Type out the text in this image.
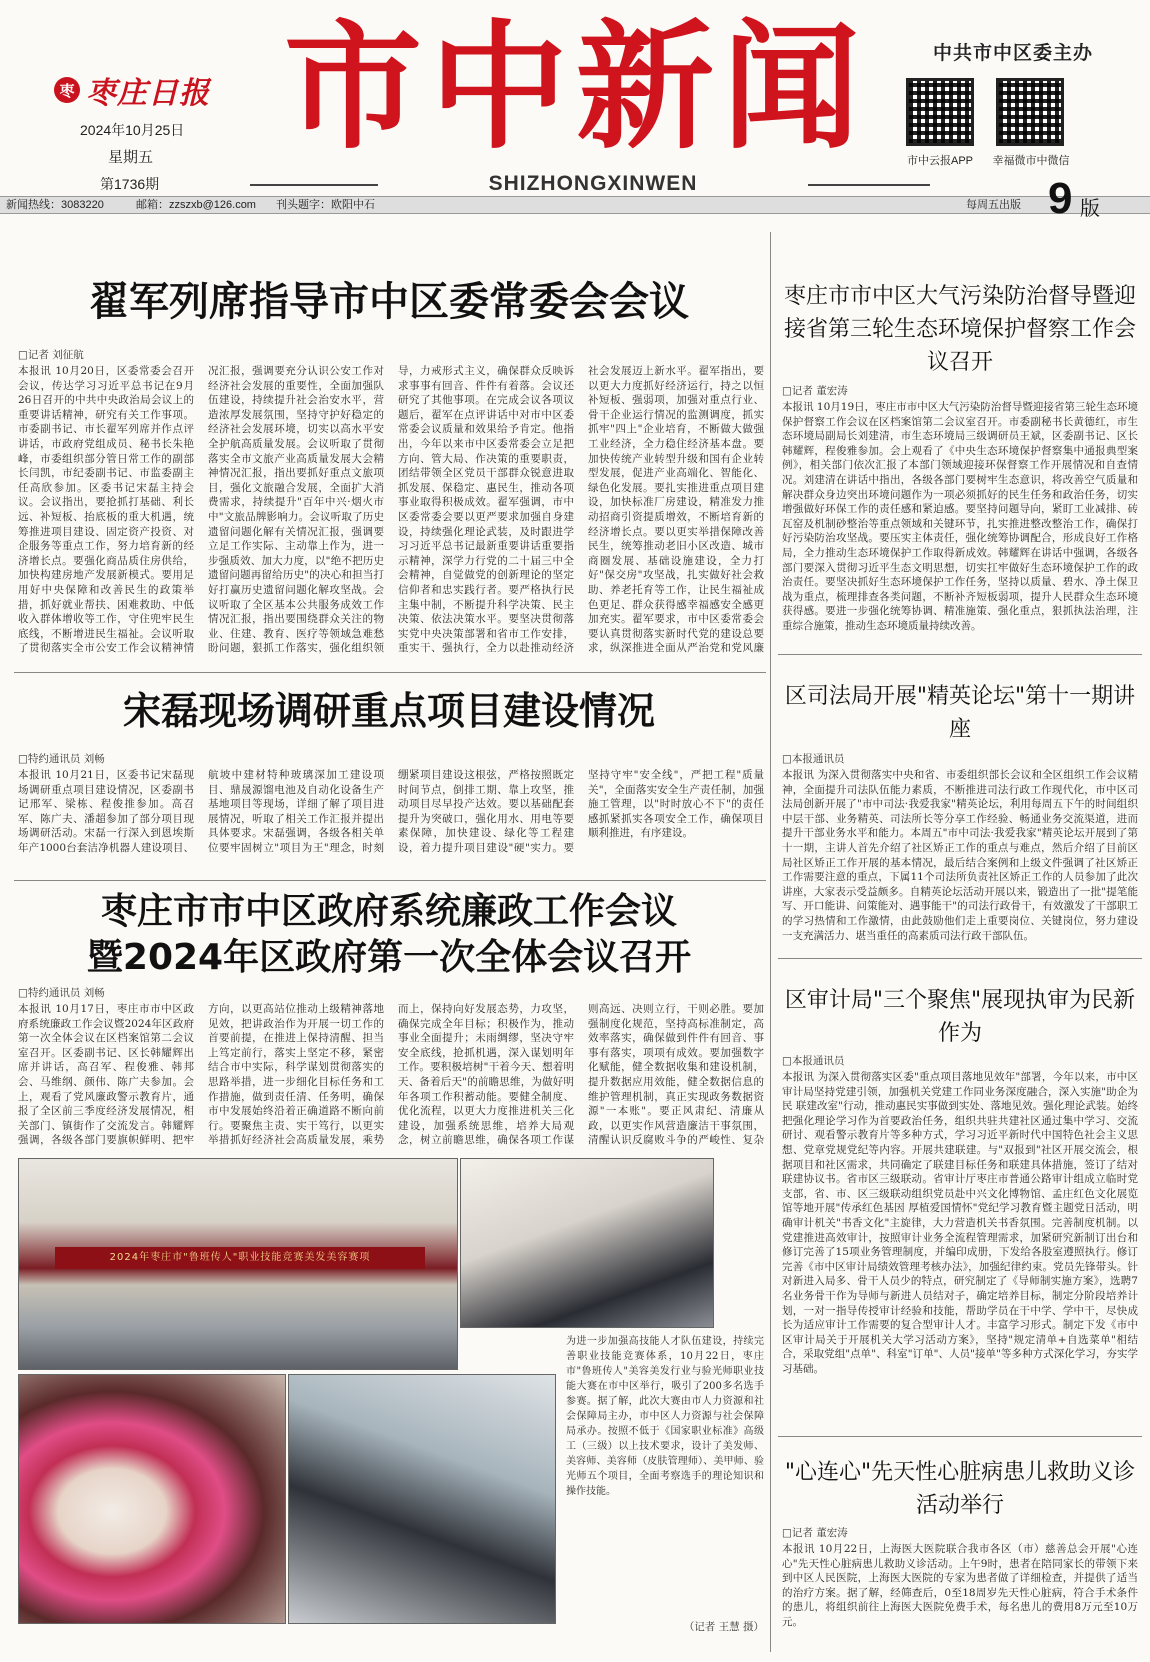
枣 枣庄日报
2024年10月25日
星期五
第1736期
市中新闻
SHIZHONGXINWEN
中共市中区委主办
市中云报APP	幸福微市中微信
新闻热线：3083220	邮箱：zzszxb@126.com 刊头题字：欧阳中石	每周五出版 9 版
翟军列席指导市中区委常委会会议
□记者 刘征航
本报讯 10月20日，区委常委会召开会议，传达学习习近平总书记在9月26日召开的中共中央政治局会议上的重要讲话精神，研究有关工作事项。市委副书记、市长翟军列席并作点评讲话，市政府党组成员、秘书长朱艳峰，市委组织部分管日常工作的副部长闫凯，市纪委副书记、市监委副主任高欣参加。区委书记宋磊主持会议。会议指出，要抢抓打基础、利长远、补短板、抬底板的重大机遇，统筹推进项目建设、固定资产投资、对企服务等重点工作，努力培育新的经济增长点。要强化商品质住房供给，加快构建房地产发展新模式。要用足用好中央保障和改善民生的政策举措，抓好就业帮扶、困难救助、中低收入群体增收等工作，守住兜牢民生底线，不断增进民生福祉。会议听取了贯彻落实全市公安工作会议精神情况汇报，强调要充分认识公安工作对经济社会发展的重要性，全面加强队伍建设，持续提升社会治安水平，营造浓厚发展氛围，坚持守护好稳定的经济社会发展环境，切实以高水平安全护航高质量发展。会议听取了贯彻落实全市文旅产业高质量发展大会精神情况汇报，指出要抓好重点文旅项目，强化文旅融合发展，全面扩大消费需求，持续提升"百年中兴·烟火市中"文旅品牌影响力。会议听取了历史遗留问题化解有关情况汇报，强调要立足工作实际、主动靠上作为，进一步强质效、加大力度，以"绝不把历史遗留问题再留给历史"的决心和担当打好打赢历史遗留问题化解攻坚战。会议听取了全区基本公共服务成效工作情况汇报，指出要围绕群众关注的物业、住建、教育、医疗等领域急难愁盼问题，狠抓工作落实，强化组织领导，力戒形式主义，确保群众反映诉求事事有回音、件件有着落。会议还研究了其他事项。在完成会议各项议题后，翟军在点评讲话中对市中区委常委会议质量和效果给予肯定。他指出，今年以来市中区委常委会立足把方向、管大局、作决策的重要职责，团结带领全区党员干部群众锐意进取抓发展、保稳定、惠民生，推动各项事业取得积极成效。翟军强调，市中区委常委会要以更严要求加强自身建设，持续强化理论武装，及时跟进学习习近平总书记最新重要讲话重要指示精神，深学力行党的二十届三中全会精神，自觉做党的创新理论的坚定信仰者和忠实践行者。要严格执行民主集中制，不断提升科学决策、民主决策、依法决策水平。要坚决贯彻落实党中央决策部署和省市工作安排，重实干、强执行，全力以赴推动经济社会发展迈上新水平。翟军指出，要以更大力度抓好经济运行，持之以恒补短板、强弱项，加强对重点行业、骨干企业运行情况的监测调度，抓实抓牢"四上"企业培育，不断做大做强工业经济，全力稳住经济基本盘。要加快传统产业转型升级和国有企业转型发展，促进产业高端化、智能化、绿色化发展。要扎实推进重点项目建设，加快标准厂房建设，精准发力推动招商引资提质增效，不断培育新的经济增长点。要以更实举措保障改善民生，统筹推动老旧小区改造、城市商圈发展、基础设施建设，全力打好"保交房"攻坚战，扎实做好社会救助、养老托育等工作，让民生福祉成色更足、群众获得感幸福感安全感更加充实。翟军要求，市中区委常委会要认真贯彻落实新时代党的建设总要求，纵深推进全面从严治党和党风廉
宋磊现场调研重点项目建设情况
□特约通讯员 刘畅
本报讯 10月21日，区委书记宋磊现场调研重点项目建设情况，区委副书记邢军、梁栋、程俊推参加。高召军、陈广夫、潘超参加了部分项目现场调研活动。宋磊一行深入到恩埃斯年产1000台套洁净机器人建设项目、航坡中建材特种玻璃深加工建设项目、鼎晟源馏电池及自动化设备生产基地项目等现场，详细了解了项目进展情况，听取了相关工作汇报并提出具体要求。宋磊强调，各级各相关单位要牢固树立"项目为王"理念，时刻绷紧项目建设这根弦，严格按照既定时间节点，倒排工期、靠上攻坚，推动项目尽早投产达效。要以基础配套提升为突破口，强化用水、用电等要素保障，加快建设、绿化等工程建设，着力提升项目建设"硬"实力。要坚持守牢"安全线"，严把工程"质量关"，全面落实安全生产责任制，加强施工管理，以"时时放心不下"的责任感抓紧抓实各项安全工作，确保项目顺利推进，有序建设。
枣庄市市中区政府系统廉政工作会议
暨2024年区政府第一次全体会议召开
枣庄市市中区大气污染防治督导暨迎接省第三轮生态环境保护督察工作会议召开
□记者 董宏涛
本报讯 10月19日，枣庄市市中区大气污染防治督导暨迎接省第三轮生态环境保护督察工作会议在区档案馆第二会议室召开。市委副秘书长黄德红，市生态环境局副局长刘建清，市生态环境局三级调研员王斌，区委副书记、区长韩耀辉，程俊雅参加。会上观看了《中央生态环境保护督察集中通报典型案例》，相关部门依次汇报了本部门领域迎接环保督察工作开展情况和自查情况。刘建清在讲话中指出，各级各部门要树牢生态意识，将改善空气质量和解决群众身边突出环境问题作为一项必须抓好的民生任务和政治任务，切实增强做好环保工作的责任感和紧迫感。要坚持问题导向，紧盯工业减排、砖瓦窑及机制砂整治等重点领域和关键环节，扎实推进整改整治工作，确保打好污染防治攻坚战。要压实主体责任，强化统筹协调配合，形成良好工作格局，全力推动生态环境保护工作取得新成效。韩耀辉在讲话中强调，各级各部门要深入贯彻习近平生态文明思想，切实扛牢做好生态环境保护工作的政治责任。要坚决抓好生态环境保护工作任务，坚持以质量、碧水、净土保卫战为重点，梳理排查各类问题，不断补齐短板弱项，提升人民群众生态环境获得感。要进一步强化统筹协调、精准施策、强化重点，狠抓执法治理，注重综合施策，推动生态环境质量持续改善。
区司法局开展"精英论坛"第十一期讲座
□本报通讯员
本报讯 为深入贯彻落实中央和省、市委组织部长会议和全区组织工作会议精神，全面提升司法队伍能力素质，不断推进司法行政工作现代化，市中区司法局创新开展了"市中司法·我爱我家"精英论坛，利用每周五下午的时间组织中层干部、业务精英、司法所长等分享工作经验、畅通业务交流渠道，进而提升干部业务水平和能力。本周五"市中司法·我爱我家"精英论坛开展到了第十一期，主讲人首先介绍了社区矫正工作的重点与难点，然后介绍了目前区局社区矫正工作开展的基本情况，最后结合案例和上级文件强调了社区矫正工作需要注意的重点，下属11个司法所负责社区矫正工作的人员参加了此次讲座，大家表示受益颇多。自精英论坛活动开展以来，锻造出了一批"提笔能写、开口能讲、问策能对、遇事能干"的司法行政骨干，有效激发了干部职工的学习热情和工作激情，由此鼓励他们走上重要岗位、关键岗位，努力建设一支充满活力、堪当重任的高素质司法行政干部队伍。
区审计局"三个聚焦"展现执审为民新作为
□本报通讯员
本报讯 为深入贯彻落实区委"重点项目落地见效年"部署，今年以来，市中区审计局坚持党建引领，加强机关党建工作同业务深度融合，深入实施"助企为民 联建改室"行动，推动惠民实事做到实处、落地见效。强化理论武装。始终把强化理论学习作为首要政治任务，组织共驻共建社区通过集中学习、交流研讨、观看警示教育片等多种方式，学习习近平新时代中国特色社会主义思想、党章党规党纪等内容。开展共建联建。与"双报到"社区开展交流会，根据项目和社区需求，共同确定了联建目标任务和联建具体措施，签订了结对联建协议书。省市区三级联动。省审计厅枣庄市普通公路审计组成立临时党支部，省、市、区三级联动组织党员赴中兴文化博物馆、孟庄红色文化展览馆等地开展"传承红色基因 厚植爱国情怀"党纪学习教育暨主题党日活动，明确审计机关"书香文化"主旋律，大力营造机关书香氛围。完善制度机制。以党建推进高效审计，按照审计业务全流程管理需求，加紧研究新制订出台和修订完善了15项业务管理制度，并编印成册，下发给各股室遵照执行。修订完善《市中区审计局绩效管理考核办法》，加强纪律约束。党员先锋带头。针对新进入局多、骨干人员少的特点，研究制定了《导师制实施方案》，选聘7名业务骨干作为导师与新进人员结对子，确定培养目标，制定分阶段培养计划，一对一指导传授审计经验和技能，帮助学员在干中学、学中干，尽快成长为适应审计工作需要的复合型审计人才。丰富学习形式。制定下发《市中区审计局关于开展机关大学习活动方案》，坚持"规定清单+自选菜单"相结合，采取党组"点单"、科室"订单"、人员"接单"等多种方式深化学习，夯实学习基础。
"心连心"先天性心脏病患儿救助义诊活动举行
□记者 董宏涛
本报讯 10月22日，上海医大医院联合我市各区（市）慈善总会开展"心连心"先天性心脏病患儿救助义诊活动。上午9时，患者在陪同家长的带领下来到中区人民医院，上海医大医院的专家为患者做了详细检查，并提供了适当的治疗方案。据了解，经筛查后，0至18周岁先天性心脏病，符合手术条件的患儿，将组织前往上海医大医院免费手术，每名患儿的费用8万元至10万元。
□特约通讯员 刘畅
本报讯 10月17日，枣庄市市中区政府系统廉政工作会议暨2024年区政府第一次全体会议在区档案馆第二会议室召开。区委副书记、区长韩耀辉出席并讲话，高召军、程俊雅、韩邦会、马维纲、颜伟、陈广夫参加。会上，观看了党风廉政警示教育片，通报了全区前三季度经济发展情况，相关部门、镇街作了交流发言。韩耀辉强调，各级各部门要旗帜鲜明、把牢方向，以更高站位推动上级精神落地见效，把讲政治作为开展一切工作的首要前提，在推进上保持清醒、担当上笃定前行，落实上坚定不移，紧密结合市中实际，科学谋划贯彻落实的思路举措，进一步细化目标任务和工作措施，做到责任清、任务明，确保市中发展始终沿着正确道路不断向前行。要聚焦主责、实干笃行，以更实举措抓好经济社会高质量发展，乘势而上，保持向好发展态势，力攻坚，确保完成全年目标；积极作为，推动事业全面提升；未雨绸缪，坚决守牢安全底线，抢抓机遇，深入谋划明年工作。要积极培树"干着今天、想着明天、备着后天"的前瞻思维，为做好明年各项工作积蓄动能。要健全制度、优化流程，以更大力度推进机关三化建设，加强系统思维，培养大局观念，树立前瞻思维，确保各项工作谋则高远、决则立行，干则必胜。要加强制度化规范，坚持高标准制定，高效率落实，确保做到件件有回音、事事有落实，项项有成效。要加强数字化赋能，健全数据收集和建设机制，提升数据应用效能，健全数据信息的维护管理机制，真正实现政务数据资源"一本账"。要正风肃纪、清廉从政，以更实作风营造廉洁干事氛围，清醒认识反腐败斗争的严峻性、复杂
2024年枣庄市"鲁班传人"职业技能竞赛美发美容赛项
为进一步加强高技能人才队伍建设，持续完善职业技能竞赛体系，10月22日，枣庄市"鲁班传人"美容美发行业与验光师职业技能大赛在市中区举行，吸引了200多名选手参赛。据了解，此次大赛由市人力资源和社会保障局主办，市中区人力资源与社会保障局承办。按照不低于《国家职业标准》高级工（三级）以上技术要求，设计了美发师、美容师、美容师（皮肤管理师）、美甲师、验光师五个项目，全面考察选手的理论知识和操作技能。
（记者 王慧 摄）
